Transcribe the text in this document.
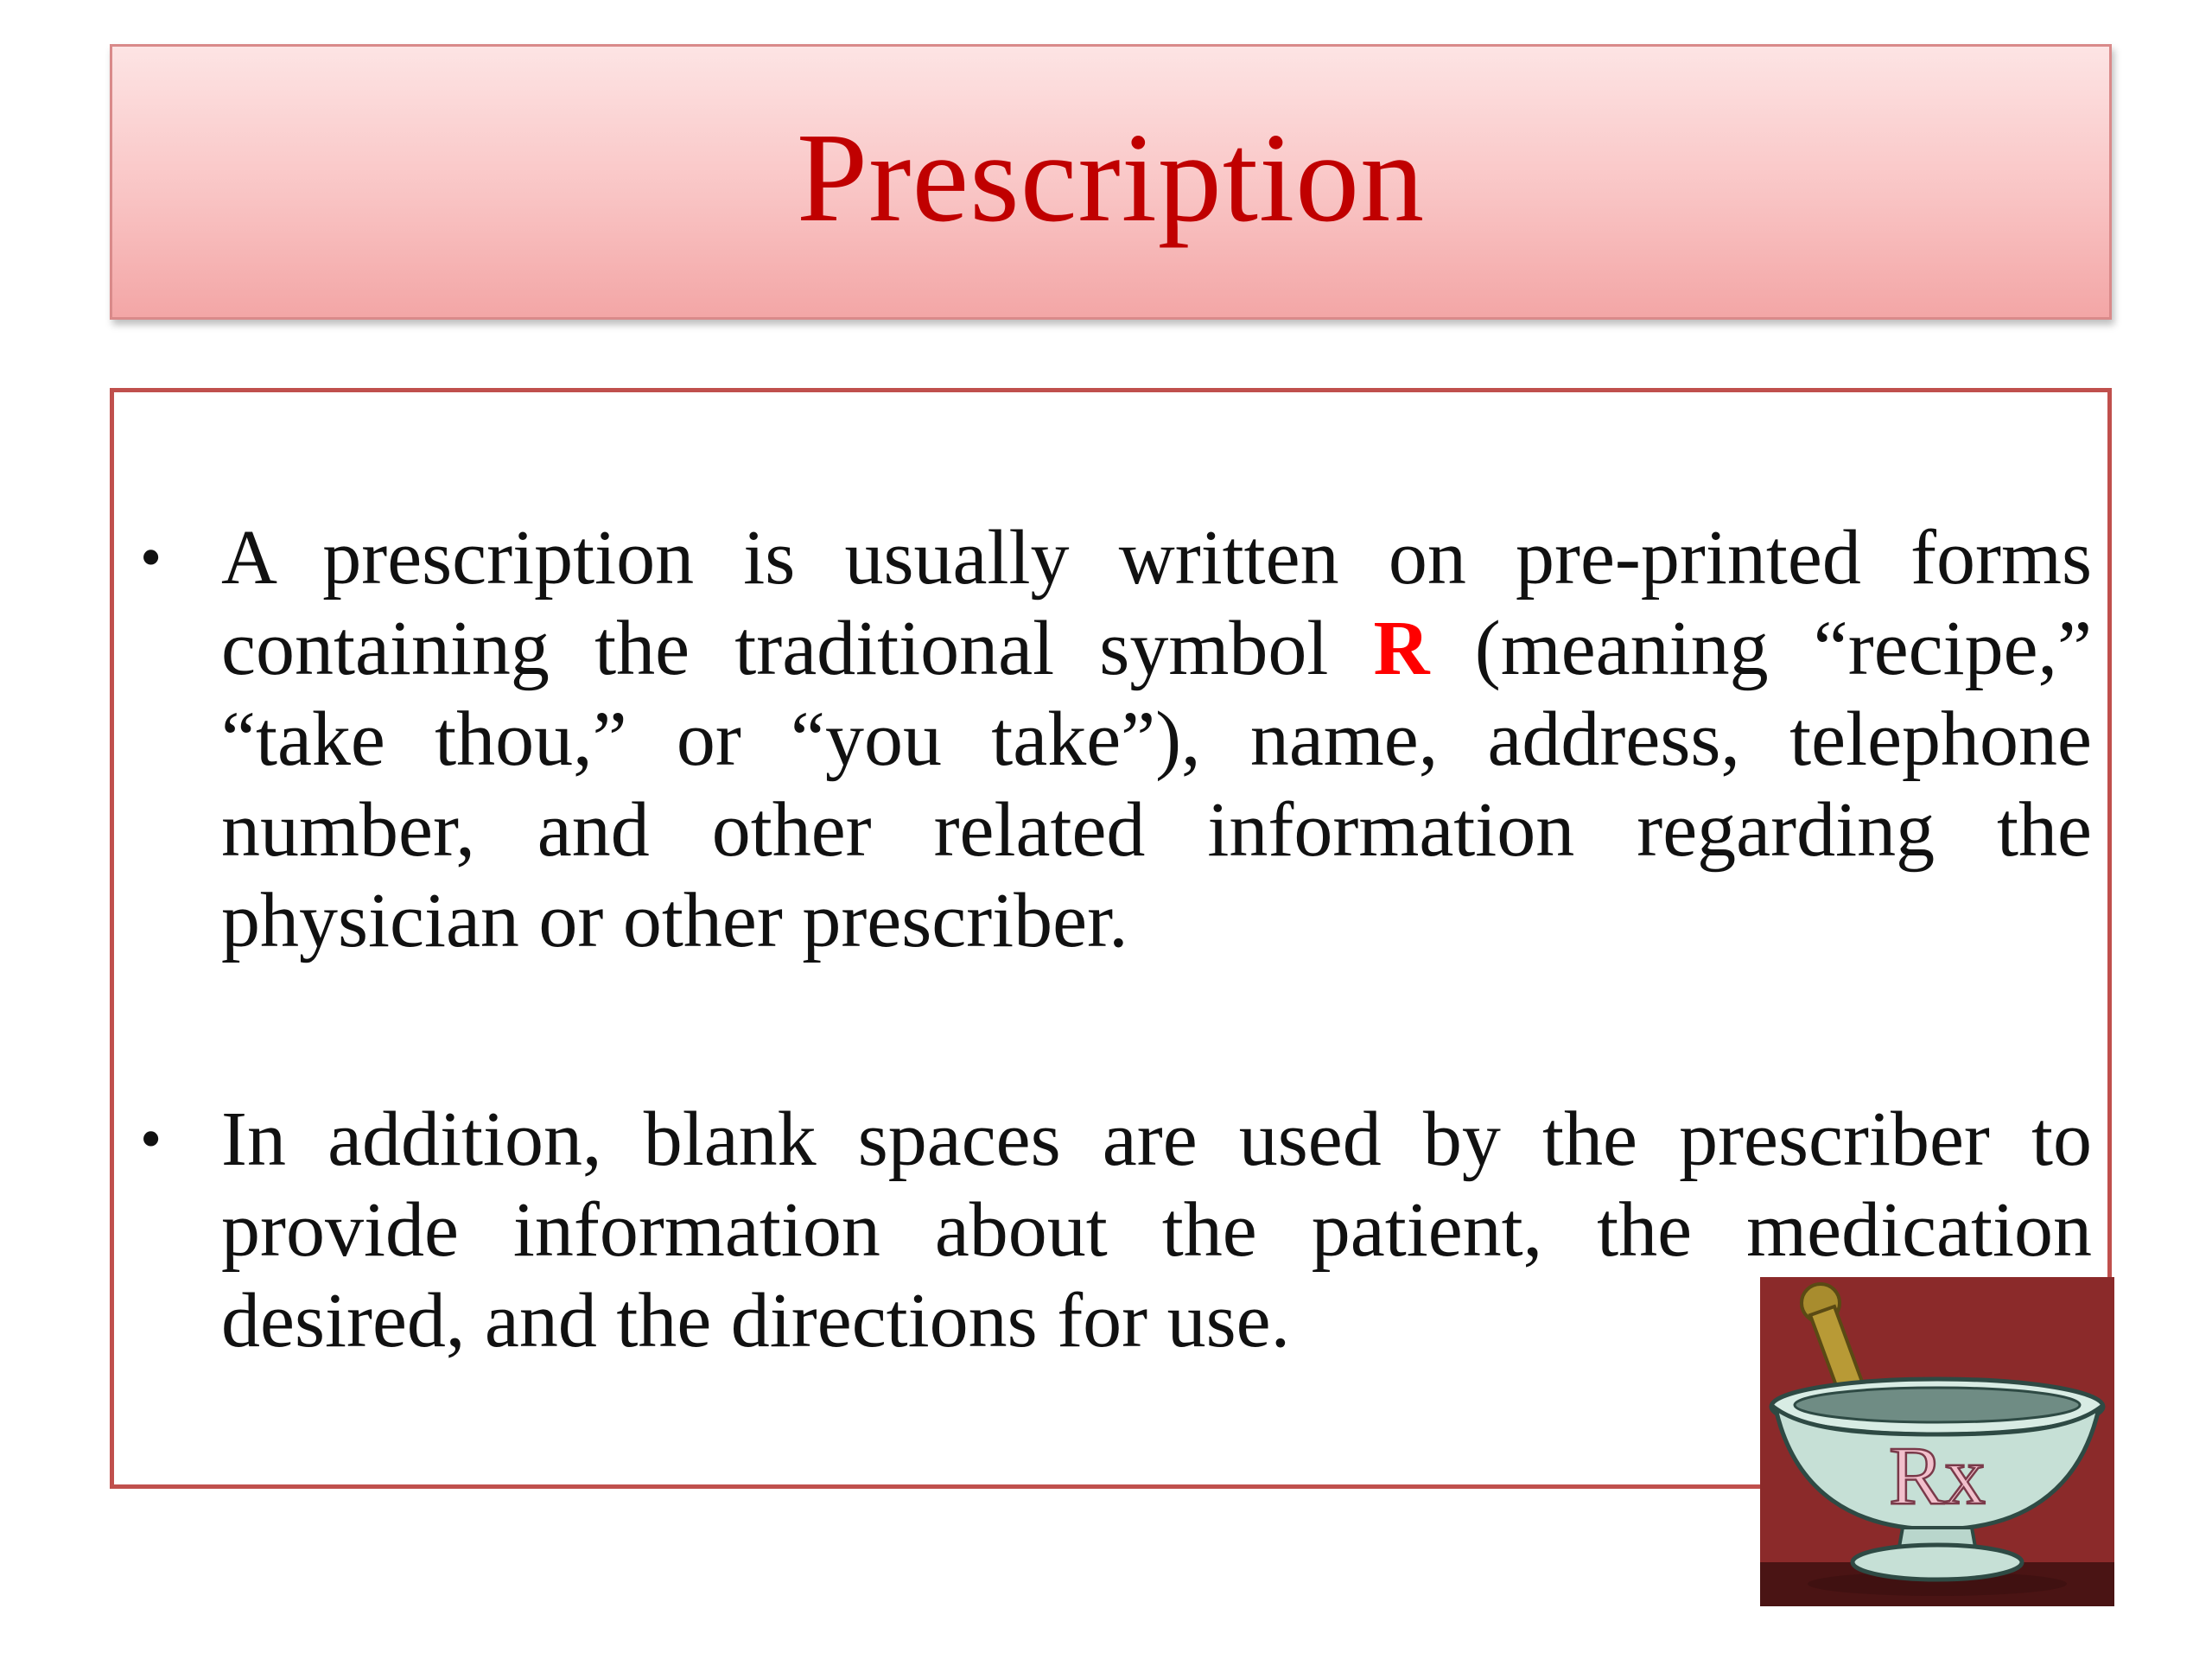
Prescription
• A prescription is usually written on pre-printed forms containing the traditional symbol R (meaning “recipe,” “take thou,” or “you take”), name, address, telephone number, and other related information regarding the physician or other prescriber.
• In addition, blank spaces are used by the prescriber to provide information about the patient, the medication desired, and the directions for use.
Rx
